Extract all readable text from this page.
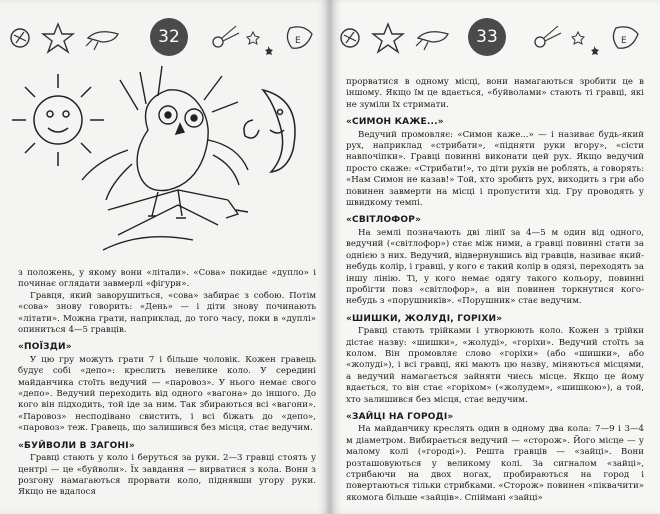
32	E

з положень, у якому вони «літали». «Сова» покидає «дупло» і починає оглядати завмерлі «фігури».

Гравця, який заворушиться, «сова» забирає з собою. Потім «сова» знову говорить: «День» — і діти знову починають «літати». Можна грати, наприклад, до того часу, поки в «дуплі» опиниться 4—5 гравців.

«ПОЇЗДИ»

У цю гру можуть грати 7 і більше чоловік. Кожен гравець будує собі «депо»: креслить невелике коло. У середині майданчика стоїть ведучий — «паровоз». У нього немає свого «депо». Ведучий переходить від одного «вагона» до іншого. До кого він підходить, той іде за ним. Так збираються всі «вагони». «Паровоз» несподівано свистить, і всі біжать до «депо», «паровоз» теж. Гравець, що залишився без місця, стає ведучим.

«БУЙВОЛИ В ЗАГОНІ»

Гравці стають у коло і беруться за руки. 2—3 гравці стоять у центрі — це «буйволи». Їх завдання — вирватися з кола. Вони з розгону намагаються прорвати коло, піднявши угору руки. Якщо не вдалося

33	E

прорватися в одному місці, вони намагаються зробити це в іншому. Якщо їм це вдається, «буйволами» стають ті гравці, які не зуміли їх стримати.

«СИМОН КАЖЕ...»

Ведучий промовляє: «Симон каже...» — і називає будь-який рух, наприклад «стрибати», «підняти руки вгору», «сісти навпочіпки». Гравці повинні виконати цей рух. Якщо ведучий просто скаже: «Стрибати!», то діти рухів не роблять, а говорять: «Нам Симон не казав!» Той, хто зробить рух, виходить з гри або повинен завмерти на місці і пропустити хід. Гру проводять у швидкому темпі.

«СВІТЛОФОР»

На землі позначають дві лінії за 4—5 м один від одного, ведучий («світлофор») стає між ними, а гравці повинні стати за однією з них. Ведучий, відвернувшись від гравців, називає який-небудь колір, і гравці, у кого є такий колір в одязі, переходять за іншу лінію. Ті, у кого немає одягу такого кольору, повинні пробігти повз «світлофор», а він повинен торкнутися кого-небудь з «порушників». «Порушник» стає ведучим.

«ШИШКИ, ЖОЛУДІ, ГОРІХИ»

Гравці стають трійками і утворюють коло. Кожен з трійки дістає назву: «шишки», «жолуді», «горіхи». Ведучий стоїть за колом. Він промовляє слово «горіхи» (або «шишки», або «жолуді»), і всі гравці, які мають цю назву, міняються місцями, а ведучий намагається зайняти чиєсь місце. Якщо це йому вдається, то він стає «горіхом» («жолудем», «шишкою»), а той, хто залишився без місця, стає ведучим.

«ЗАЙЦІ НА ГОРОДІ»

На майданчику креслять один в одному два кола: 7—9 і 3—4 м діаметром. Вибирається ведучий — «сторож». Його місце — у малому колі («городі»). Решта гравців — «зайці». Вони розташовуються у великому колі. За сигналом «зайці», стрибаючи на двох ногах, пробираються на город і повертаються тільки стрибками. «Сторож» повинен «піквачити» якомога більше «зайців». Спіймані «зайці»
